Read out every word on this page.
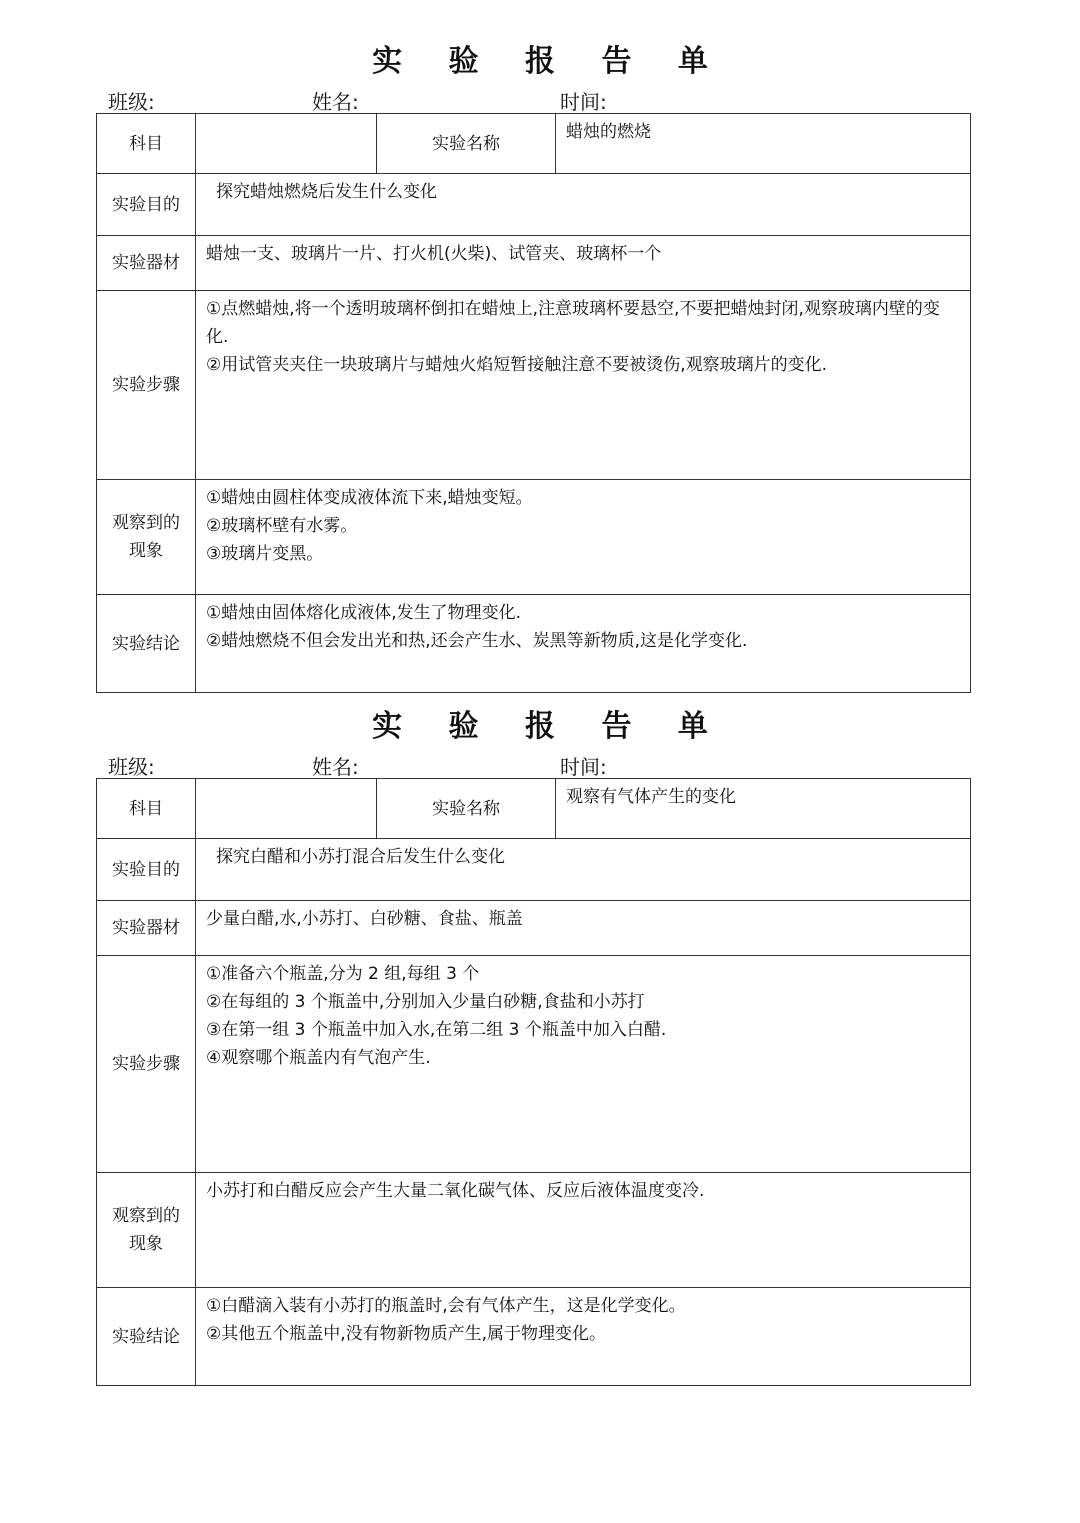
实 验 报 告 单
班级:	姓名:	时间:
科目		实验名称	蜡烛的燃烧

实验目的	探究蜡烛燃烧后发生什么变化		

实验器材	蜡烛一支、玻璃片一片、打火机(火柴)、试管夹、玻璃杯一个		

实验步骤	①点燃蜡烛,将一个透明玻璃杯倒扣在蜡烛上,注意玻璃杯要悬空,不要把蜡烛封闭,观察玻璃内壁的变化.
②用试管夹夹住一块玻璃片与蜡烛火焰短暂接触注意不要被烫伤,观察玻璃片的变化.		

观察到的
现象	①蜡烛由圆柱体变成液体流下来,蜡烛变短。
②玻璃杯壁有水雾。
③玻璃片变黑。		

实验结论	①蜡烛由固体熔化成液体,发生了物理变化.
②蜡烛燃烧不但会发出光和热,还会产生水、炭黑等新物质,这是化学变化.		
实 验 报 告 单
班级:	姓名:	时间:
科目		实验名称	观察有气体产生的变化

实验目的	探究白醋和小苏打混合后发生什么变化		

实验器材	少量白醋,水,小苏打、白砂糖、食盐、瓶盖		

实验步骤	①准备六个瓶盖,分为 2 组,每组 3 个
②在每组的 3 个瓶盖中,分别加入少量白砂糖,食盐和小苏打
③在第一组 3 个瓶盖中加入水,在第二组 3 个瓶盖中加入白醋.
④观察哪个瓶盖内有气泡产生.		

观察到的
现象	小苏打和白醋反应会产生大量二氧化碳气体、反应后液体温度变冷.		

实验结论	①白醋滴入装有小苏打的瓶盖时,会有气体产生，这是化学变化。
②其他五个瓶盖中,没有物新物质产生,属于物理变化。		
